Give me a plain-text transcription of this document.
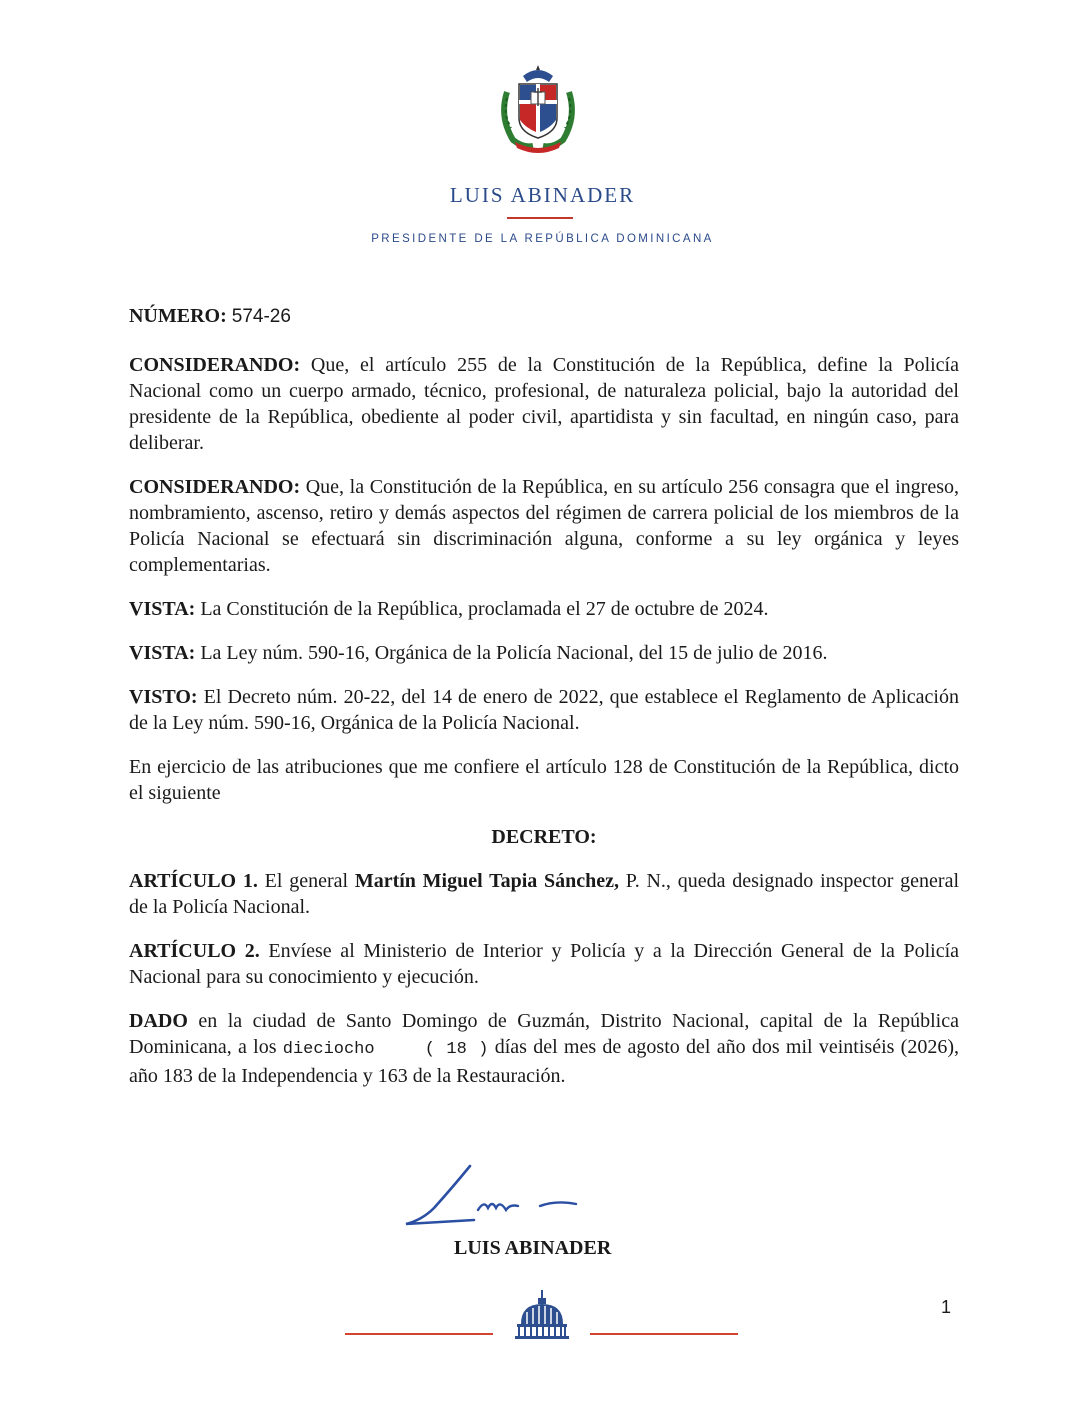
LUIS ABINADER
PRESIDENTE DE LA REPÚBLICA DOMINICANA

NÚMERO: 574-26

CONSIDERANDO: Que, el artículo 255 de la Constitución de la República, define la Policía Nacional como un cuerpo armado, técnico, profesional, de naturaleza policial, bajo la autoridad del presidente de la República, obediente al poder civil, apartidista y sin facultad, en ningún caso, para deliberar.

CONSIDERANDO: Que, la Constitución de la República, en su artículo 256 consagra que el ingreso, nombramiento, ascenso, retiro y demás aspectos del régimen de carrera policial de los miembros de la Policía Nacional se efectuará sin discriminación alguna, conforme a su ley orgánica y leyes complementarias.

VISTA: La Constitución de la República, proclamada el 27 de octubre de 2024.

VISTA: La Ley núm. 590-16, Orgánica de la Policía Nacional, del 15 de julio de 2016.

VISTO: El Decreto núm. 20-22, del 14 de enero de 2022, que establece el Reglamento de Aplicación de la Ley núm. 590-16, Orgánica de la Policía Nacional.

En ejercicio de las atribuciones que me confiere el artículo 128 de Constitución de la República, dicto el siguiente

DECRETO:

ARTÍCULO 1. El general Martín Miguel Tapia Sánchez, P. N., queda designado inspector general de la Policía Nacional.

ARTÍCULO 2. Envíese al Ministerio de Interior y Policía y a la Dirección General de la Policía Nacional para su conocimiento y ejecución.

DADO en la ciudad de Santo Domingo de Guzmán, Distrito Nacional, capital de la República Dominicana, a los dieciocho	( 18 ) días del mes de agosto del año dos mil veintiséis (2026), año 183 de la Independencia y 163 de la Restauración.

LUIS ABINADER
1
